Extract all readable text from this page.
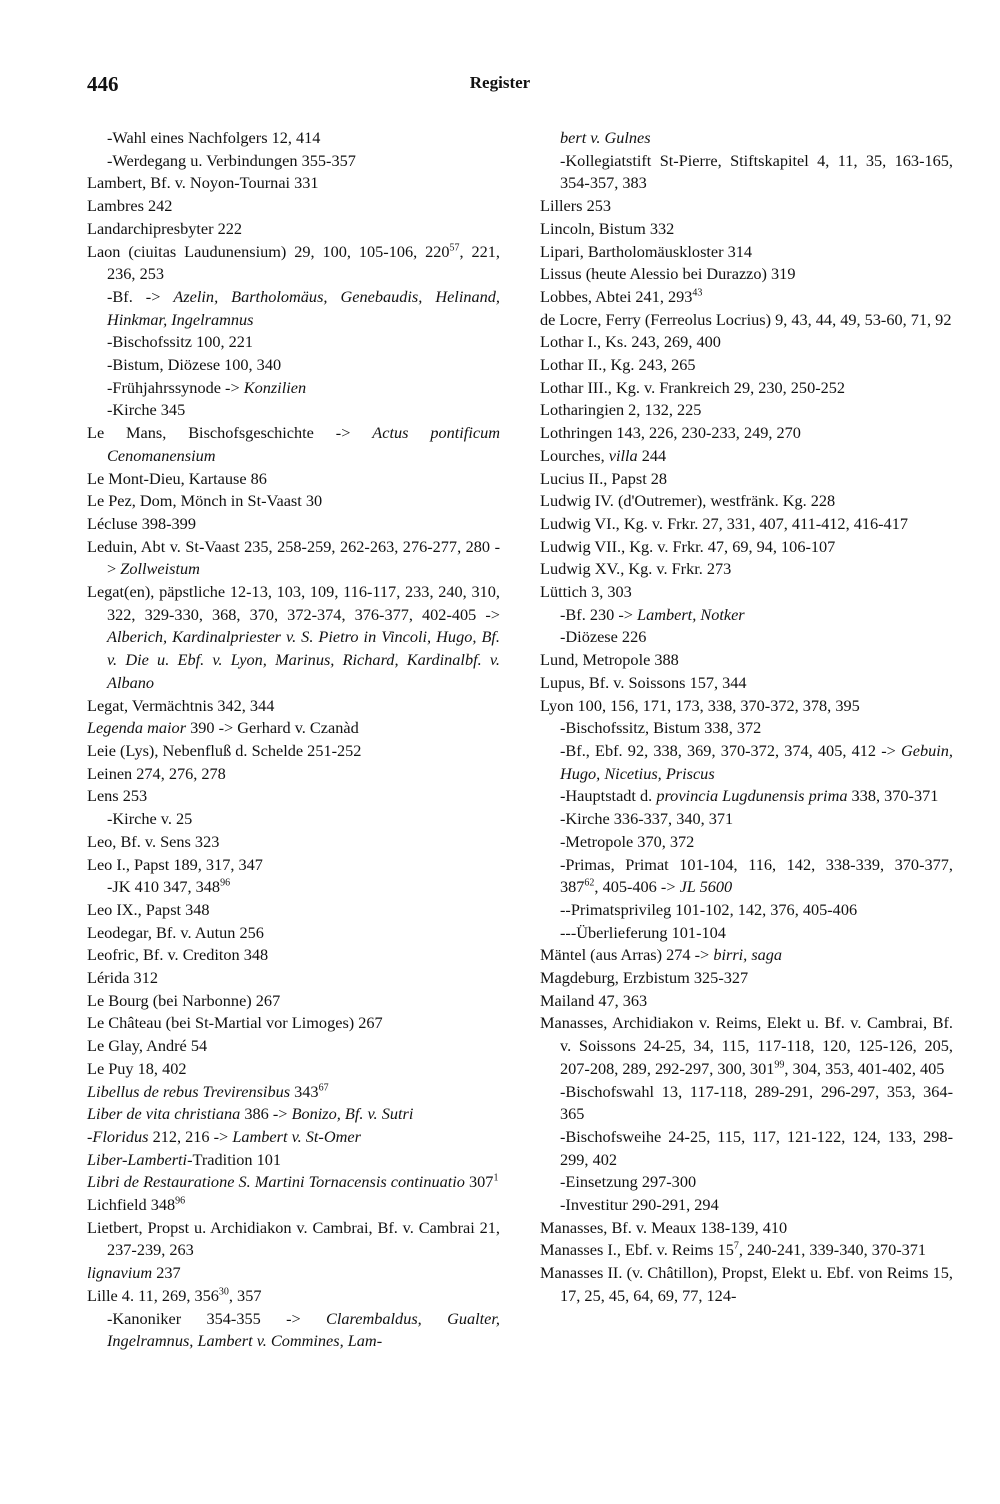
446	Register
-Wahl eines Nachfolgers 12, 414
-Werdegang u. Verbindungen 355-357
Lambert, Bf. v. Noyon-Tournai 331
Lambres 242
Landarchipresbyter 222
Laon (ciuitas Laudunensium) 29, 100, 105-106, $220^{57}$, 221, 236, 253
-Bf. -> Azelin, Bartholomäus, Genebaudis, Helinand, Hinkmar, Ingelramnus
-Bischofssitz 100, 221
-Bistum, Diözese 100, 340
-Frühjahrssynode -> Konzilien
-Kirche 345
Le Mans, Bischofsgeschichte -> Actus pontificum Cenomanensium
Le Mont-Dieu, Kartause 86
Le Pez, Dom, Mönch in St-Vaast 30
Lécluse 398-399
Leduin, Abt v. St-Vaast 235, 258-259, 262-263, 276-277, 280 -> Zollweistum
Legat(en), päpstliche 12-13, 103, 109, 116-117, 233, 240, 310, 322, 329-330, 368, 370, 372-374, 376-377, 402-405 -> Alberich, Kardinalpriester v. S. Pietro in Vincoli, Hugo, Bf. v. Die u. Ebf. v. Lyon, Marinus, Richard, Kardinalbf. v. Albano
Legat, Vermächtnis 342, 344
Legenda maior 390 -> Gerhard v. Czanàd
Leie (Lys), Nebenfluß d. Schelde 251-252
Leinen 274, 276, 278
Lens 253
-Kirche v. 25
Leo, Bf. v. Sens 323
Leo I., Papst 189, 317, 347
-JK 410 347, $348^{96}$
Leo IX., Papst 348
Leodegar, Bf. v. Autun 256
Leofric, Bf. v. Crediton 348
Lérida 312
Le Bourg (bei Narbonne) 267
Le Château (bei St-Martial vor Limoges) 267
Le Glay, André 54
Le Puy 18, 402
Libellus de rebus Trevirensibus $343^{67}$
Liber de vita christiana 386 -> Bonizo, Bf. v. Sutri
-Floridus 212, 216 -> Lambert v. St-Omer
Liber-Lamberti-Tradition 101
Libri de Restauratione S. Martini Tornacensis continuatio $307^1$
Lichfield $348^{96}$
Lietbert, Propst u. Archidiakon v. Cambrai, Bf. v. Cambrai 21, 237-239, 263
lignavium 237
Lille 4. 11, 269, $356^{30}$, 357
-Kanoniker 354-355 -> Clarembaldus, Gualter, Ingelramnus, Lambert v. Commines, Lam-
bert v. Gulnes
-Kollegiatstift St-Pierre, Stiftskapitel 4, 11, 35, 163-165, 354-357, 383
Lillers 253
Lincoln, Bistum 332
Lipari, Bartholomäuskloster 314
Lissus (heute Alessio bei Durazzo) 319
Lobbes, Abtei 241, $293^{43}$
de Locre, Ferry (Ferreolus Locrius) 9, 43, 44, 49, 53-60, 71, 92
Lothar I., Ks. 243, 269, 400
Lothar II., Kg. 243, 265
Lothar III., Kg. v. Frankreich 29, 230, 250-252
Lotharingien 2, 132, 225
Lothringen 143, 226, 230-233, 249, 270
Lourches, villa 244
Lucius II., Papst 28
Ludwig IV. (d'Outremer), westfränk. Kg. 228
Ludwig VI., Kg. v. Frkr. 27, 331, 407, 411-412, 416-417
Ludwig VII., Kg. v. Frkr. 47, 69, 94, 106-107
Ludwig XV., Kg. v. Frkr. 273
Lüttich 3, 303
-Bf. 230 -> Lambert, Notker
-Diözese 226
Lund, Metropole 388
Lupus, Bf. v. Soissons 157, 344
Lyon 100, 156, 171, 173, 338, 370-372, 378, 395
-Bischofssitz, Bistum 338, 372
-Bf., Ebf. 92, 338, 369, 370-372, 374, 405, 412 -> Gebuin, Hugo, Nicetius, Priscus
-Hauptstadt d. provincia Lugdunensis prima 338, 370-371
-Kirche 336-337, 340, 371
-Metropole 370, 372
-Primas, Primat 101-104, 116, 142, 338-339, 370-377, $387^{62}$, 405-406 -> JL 5600
--Primatsprivileg 101-102, 142, 376, 405-406
---Überlieferung 101-104
Mäntel (aus Arras) 274 -> birri, saga
Magdeburg, Erzbistum 325-327
Mailand 47, 363
Manasses, Archidiakon v. Reims, Elekt u. Bf. v. Cambrai, Bf. v. Soissons 24-25, 34, 115, 117-118, 120, 125-126, 205, 207-208, 289, 292-297, 300, $301^{99}$, 304, 353, 401-402, 405
-Bischofswahl 13, 117-118, 289-291, 296-297, 353, 364-365
-Bischofsweihe 24-25, 115, 117, 121-122, 124, 133, 298-299, 402
-Einsetzung 297-300
-Investitur 290-291, 294
Manasses, Bf. v. Meaux 138-139, 410
Manasses I., Ebf. v. Reims $15^7$, 240-241, 339-340, 370-371
Manasses II. (v. Châtillon), Propst, Elekt u. Ebf. von Reims 15, 17, 25, 45, 64, 69, 77, 124-
